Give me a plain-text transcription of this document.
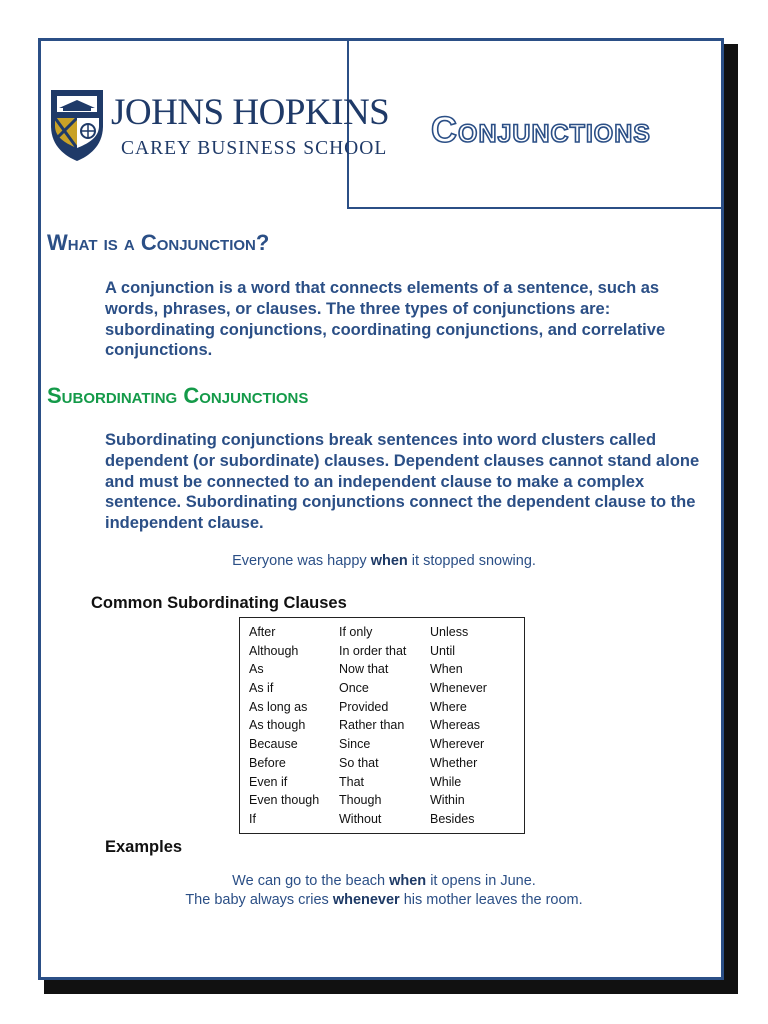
JOHNS HOPKINS
CAREY BUSINESS SCHOOL	Conjunctions
What is a Conjunction?
A conjunction is a word that connects elements of a sentence, such as words, phrases, or clauses. The three types of conjunctions are: subordinating conjunctions, coordinating conjunctions, and correlative conjunctions.
Subordinating Conjunctions
Subordinating conjunctions break sentences into word clusters called dependent (or subordinate) clauses. Dependent clauses cannot stand alone and must be connected to an independent clause to make a complex sentence. Subordinating conjunctions connect the dependent clause to the independent clause.
Everyone was happy when it stopped snowing.
Common Subordinating Clauses
After
Although
As
As if
As long as
As though
Because
Before
Even if
Even though
If
If only
In order that
Now that
Once
Provided
Rather than
Since
So that
That
Though
Without
Unless
Until
When
Whenever
Where
Whereas
Wherever
Whether
While
Within
Besides
Examples
We can go to the beach when it opens in June.
The baby always cries whenever his mother leaves the room.
